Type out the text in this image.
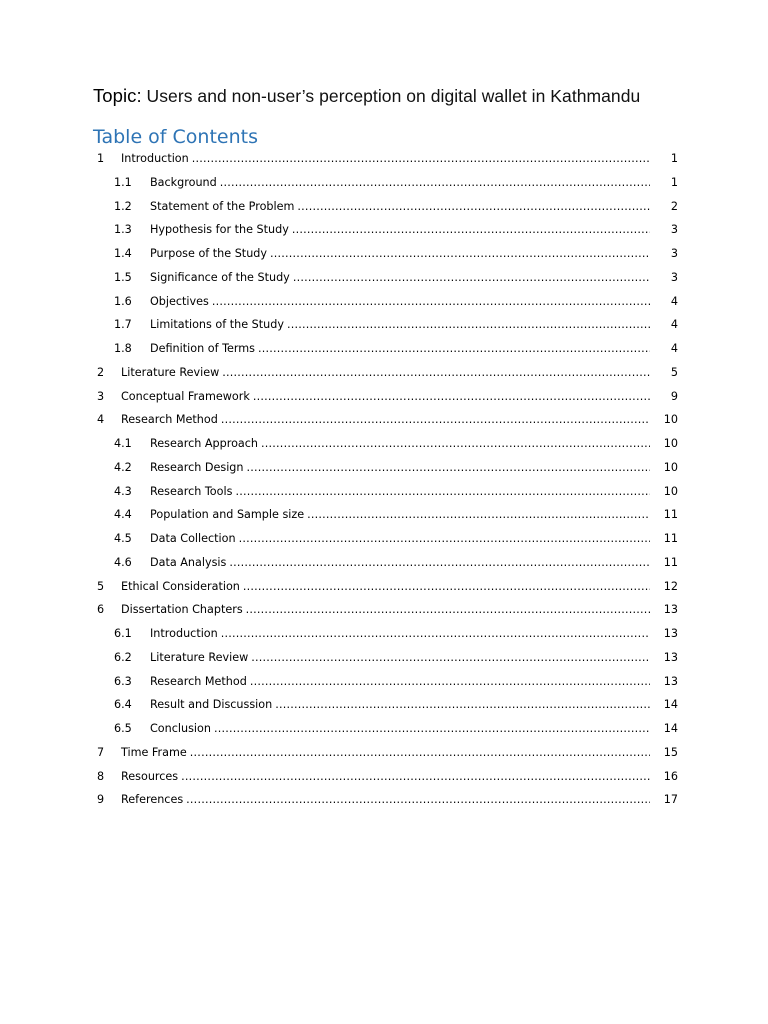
Topic: Users and non-user’s perception on digital wallet in Kathmandu
Table of Contents
1	Introduction .....	1
1.1	Background .....	1
1.2	Statement of the Problem .....	2
1.3	Hypothesis for the Study .....	3
1.4	Purpose of the Study .....	3
1.5	Significance of the Study .....	3
1.6	Objectives .....	4
1.7	Limitations of the Study .....	4
1.8	Definition of Terms .....	4
2	Literature Review .....	5
3	Conceptual Framework .....	9
4	Research Method .....	10
4.1	Research Approach .....	10
4.2	Research Design .....	10
4.3	Research Tools .....	10
4.4	Population and Sample size .....	11
4.5	Data Collection .....	11
4.6	Data Analysis .....	11
5	Ethical Consideration .....	12
6	Dissertation Chapters .....	13
6.1	Introduction .....	13
6.2	Literature Review .....	13
6.3	Research Method .....	13
6.4	Result and Discussion .....	14
6.5	Conclusion .....	14
7	Time Frame .....	15
8	Resources .....	16
9	References .....	17
